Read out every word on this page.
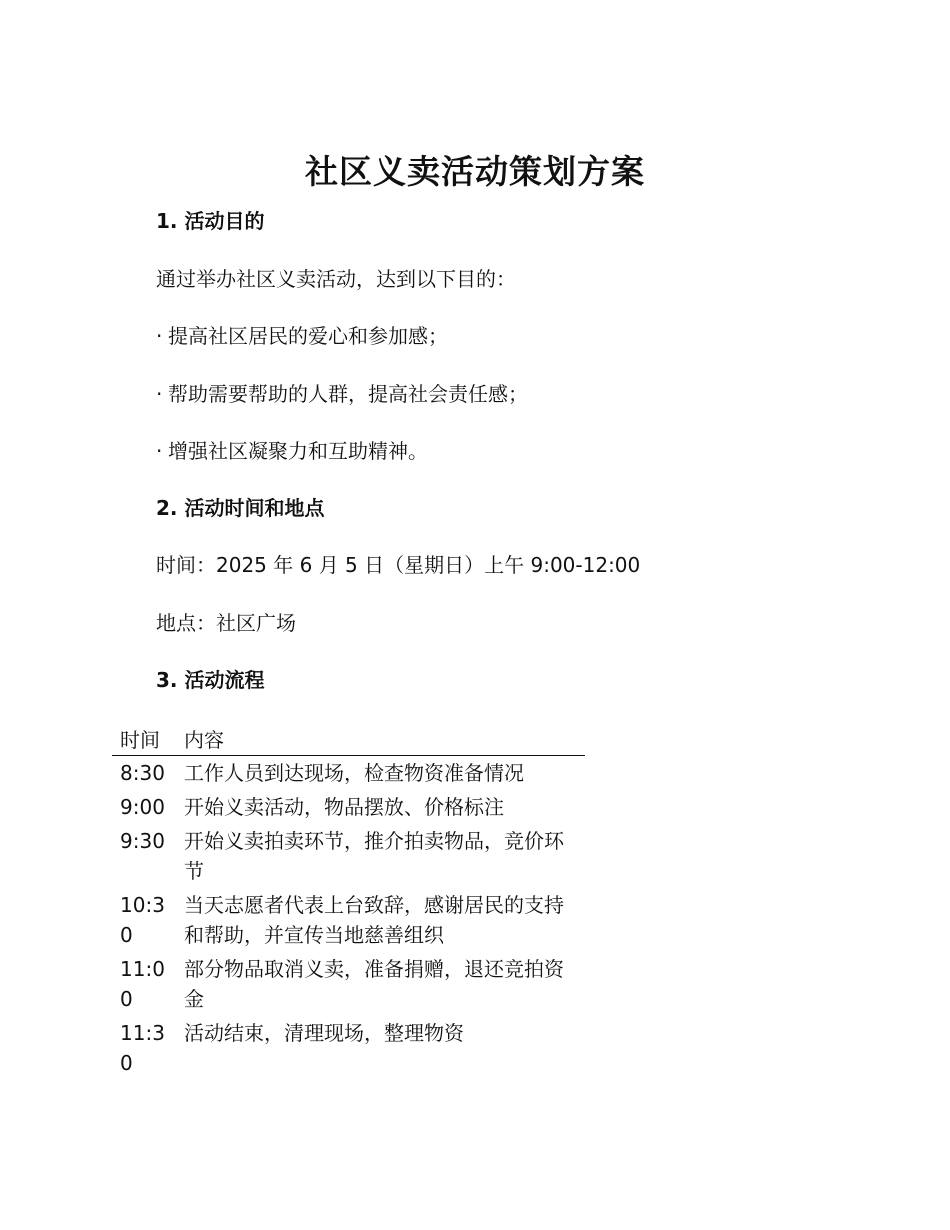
社区义卖活动策划方案
1. 活动目的
通过举办社区义卖活动，达到以下目的：
· 提高社区居民的爱心和参加感；
· 帮助需要帮助的人群，提高社会责任感；
· 增强社区凝聚力和互助精神。
2. 活动时间和地点
时间：2025 年 6 月 5 日（星期日）上午 9:00-12:00
地点：社区广场
3. 活动流程
时间	内容
8:30	工作人员到达现场，检查物资准备情况
9:00	开始义卖活动，物品摆放、价格标注
9:30	开始义卖拍卖环节，推介拍卖物品，竞价环节
10:30	当天志愿者代表上台致辞，感谢居民的支持和帮助，并宣传当地慈善组织
11:00	部分物品取消义卖，准备捐赠，退还竞拍资金
11:30	活动结束，清理现场，整理物资
